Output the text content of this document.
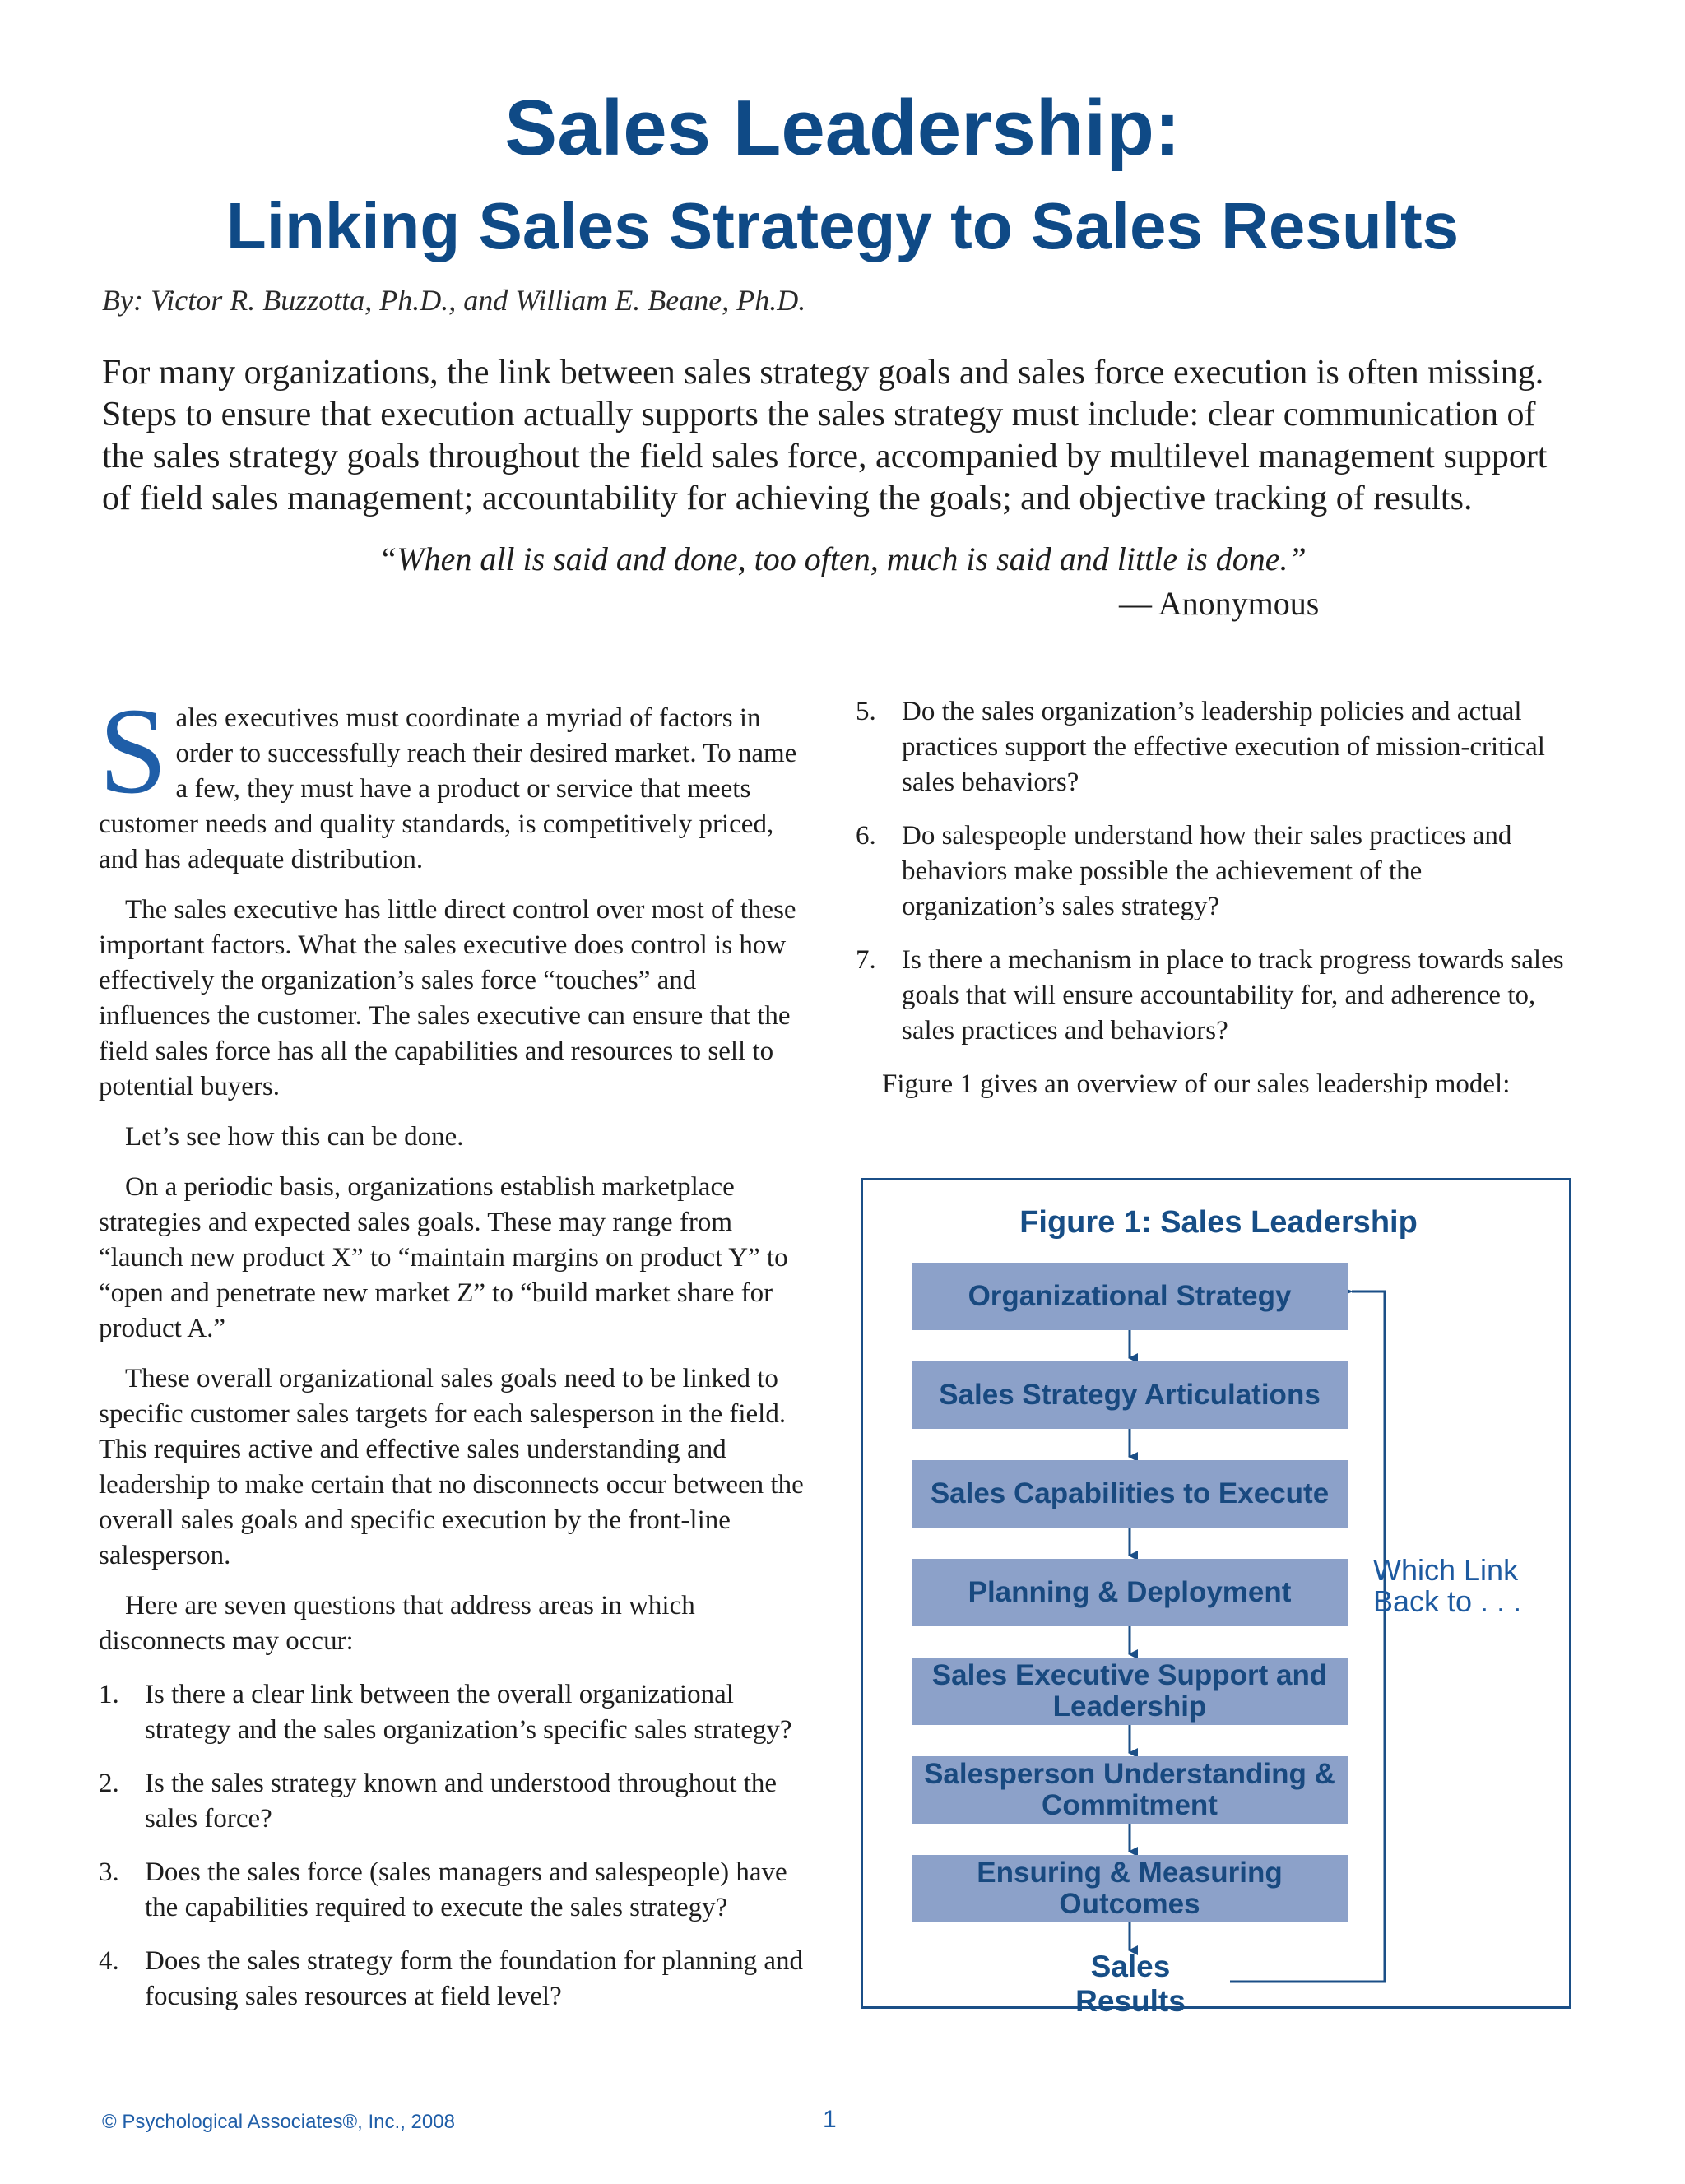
Sales Leadership:
Linking Sales Strategy to Sales Results

By: Victor R. Buzzotta, Ph.D., and William E. Beane, Ph.D.

For many organizations, the link between sales strategy goals and sales force execution is often missing. Steps to ensure that execution actually supports the sales strategy must include: clear communication of the sales strategy goals throughout the field sales force, accompanied by multilevel management support of field sales management; accountability for achieving the goals; and objective tracking of results.

“When all is said and done, too often, much is said and little is done.”

— Anonymous

Sales executives must coordinate a myriad of factors in order to successfully reach their desired market. To name a few, they must have a product or service that meets customer needs and quality standards, is competitively priced, and has adequate distribution.

The sales executive has little direct control over most of these important factors. What the sales executive does control is how effectively the organization’s sales force “touches” and influences the customer. The sales executive can ensure that the field sales force has all the capabilities and resources to sell to potential buyers.

Let’s see how this can be done.

On a periodic basis, organizations establish marketplace strategies and expected sales goals. These may range from “launch new product X” to “maintain margins on product Y” to “open and penetrate new market Z” to “build market share for product A.”

These overall organizational sales goals need to be linked to specific customer sales targets for each salesperson in the field. This requires active and effective sales understanding and leadership to make certain that no disconnects occur between the overall sales goals and specific execution by the front-line salesperson.

Here are seven questions that address areas in which disconnects may occur:

1. Is there a clear link between the overall organizational strategy and the sales organization’s specific sales strategy?
2. Is the sales strategy known and understood throughout the sales force?
3. Does the sales force (sales managers and salespeople) have the capabilities required to execute the sales strategy?
4. Does the sales strategy form the foundation for planning and focusing sales resources at field level?
5. Do the sales organization’s leadership policies and actual practices support the effective execution of mission-critical sales behaviors?
6. Do salespeople understand how their sales practices and behaviors make possible the achievement of the organization’s sales strategy?
7. Is there a mechanism in place to track progress towards sales goals that will ensure accountability for, and adherence to, sales practices and behaviors?

Figure 1 gives an overview of our sales leadership model:

Figure 1: Sales Leadership

Organizational Strategy
Sales Strategy Articulations
Sales Capabilities to Execute
Planning & Deployment
Sales Executive Support and Leadership
Salesperson Understanding & Commitment
Ensuring & Measuring Outcomes
Sales Results
Which Link
Back to . . .
© Psychological Associates®, Inc., 2008	1
